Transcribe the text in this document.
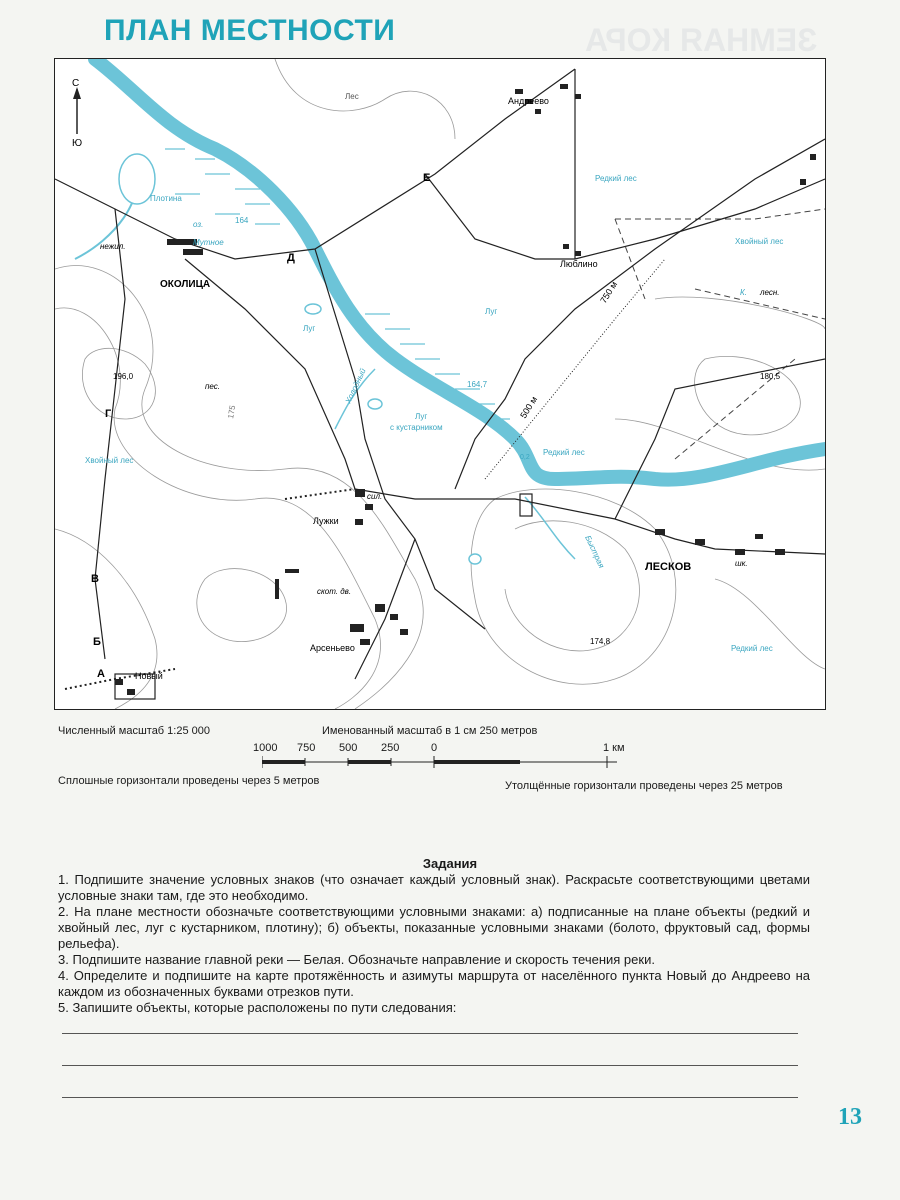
ЗЕМНАЯ КОРА
ПЛАН МЕСТНОСТИ
С
Ю
Андреево
Люблино
ОКОЛИЦА
Лужки
Арсеньево
ЛЕСКОВ
Новый
Д
Е
Г
В
Б
А
Лес
Редкий лес
Редкий лес
Редкий лес
Хвойный лес
Хвойный лес
Луг
Луг
Луг
с кустарником
Плотина
оз.
Мутное
нежил.
пес.
сил.
скот. дв.
шк.
К. лесн.
Холодный
Быстрая
500 м
750 м
0,2
164
196,0
164,7
180,5
174,8
175
Численный масштаб 1:25 000	Именованный масштаб в 1 см 250 метров
1000 750 500 250	0	1 км
Сплошные горизонтали проведены через 5 метров	Утолщённые горизонтали проведены через 25 метров
Задания

1. Подпишите значение условных знаков (что означает каждый условный знак). Раскрасьте соответствующими цветами условные знаки там, где это необходимо.

2. На плане местности обозначьте соответствующими условными знаками: а) подписанные на плане объекты (редкий и хвойный лес, луг с кустарником, плотину); б) объекты, показанные условными знаками (болото, фруктовый сад, формы рельефа).

3. Подпишите название главной реки — Белая. Обозначьте направление и скорость течения реки.

4. Определите и подпишите на карте протяжённость и азимуты маршрута от населённого пункта Новый до Андреево на каждом из обозначенных буквами отрезков пути.

5. Запишите объекты, которые расположены по пути следования:

13
